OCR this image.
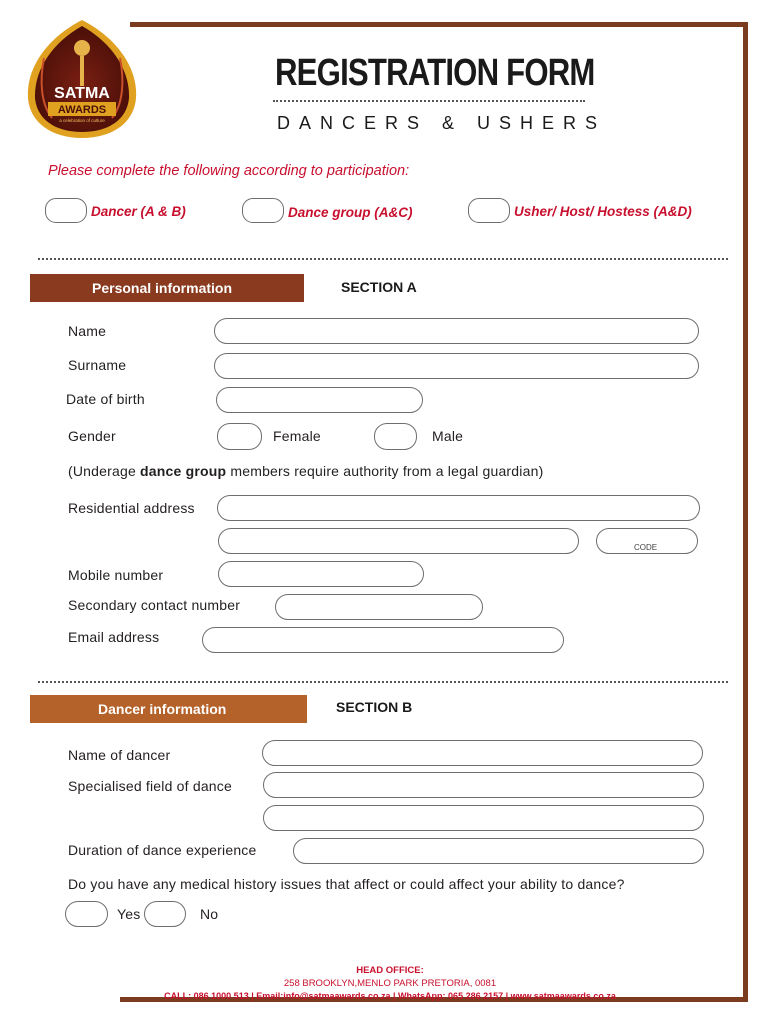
SATMA
AWARDS
a celebration of culture
REGISTRATION FORM
DANCERS & USHERS
Please complete the following according to participation:
Dancer (A & B)	Dance group (A&C)	Usher/ Host/ Hostess (A&D)
Personal information	SECTION A
Name
Surname
Date of birth
Gender	Female	Male
(Underage dance group members require authority from a legal guardian)
Residential address
CODE
Mobile number
Secondary contact number
Email address
Dancer information	SECTION B
Name of dancer
Specialised field of dance
Duration of dance experience
Do you have any medical history issues that affect or could affect your ability to dance?
Yes	No
HEAD OFFICE:
258 BROOKLYN,MENLO PARK PRETORIA, 0081
CALL: 086 1000 513 | Email:info@satmaawards.co.za | WhatsApp: 065 286 2157 | www.satmaawards.co.za
